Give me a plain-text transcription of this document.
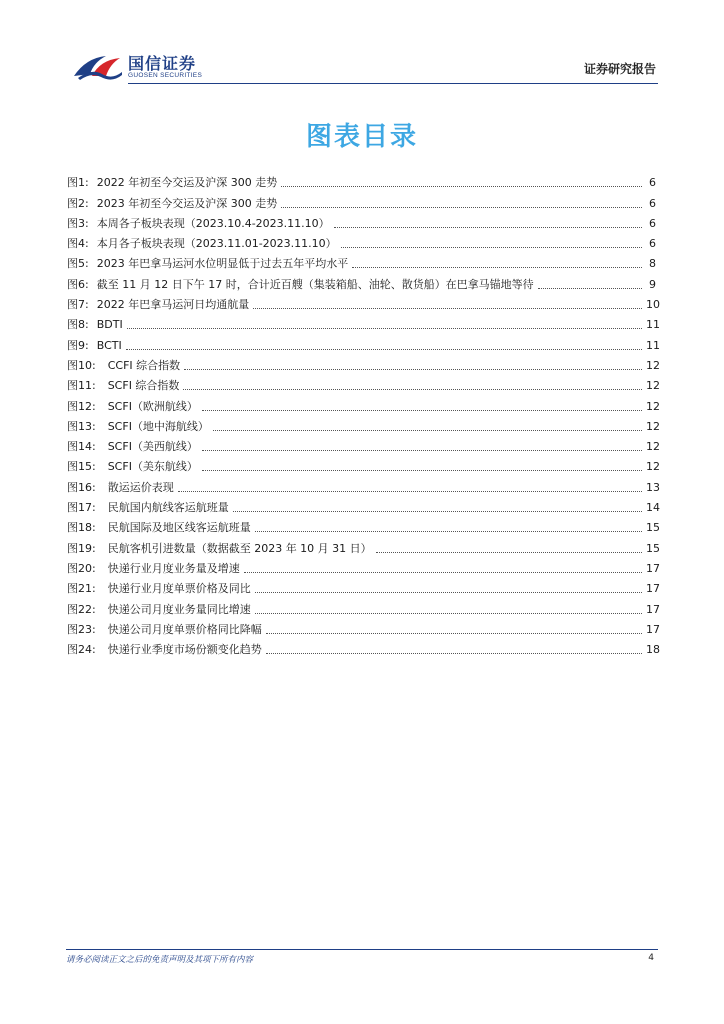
国信证券
GUOSEN SECURITIES	证券研究报告
图表目录
图1: 2022 年初至今交运及沪深 300 走势	6
图2: 2023 年初至今交运及沪深 300 走势	6
图3: 本周各子板块表现（2023.10.4-2023.11.10）	6
图4: 本月各子板块表现（2023.11.01-2023.11.10）	6
图5: 2023 年巴拿马运河水位明显低于过去五年平均水平	8
图6: 截至 11 月 12 日下午 17 时，合计近百艘（集装箱船、油轮、散货船）在巴拿马锚地等待	9
图7: 2022 年巴拿马运河日均通航量	10
图8: BDTI	11
图9: BCTI	11
图10: CCFI 综合指数	12
图11: SCFI 综合指数	12
图12: SCFI（欧洲航线）	12
图13: SCFI（地中海航线）	12
图14: SCFI（美西航线）	12
图15: SCFI（美东航线）	12
图16: 散运运价表现	13
图17: 民航国内航线客运航班量	14
图18: 民航国际及地区线客运航班量	15
图19: 民航客机引进数量（数据截至 2023 年 10 月 31 日）	15
图20: 快递行业月度业务量及增速	17
图21: 快递行业月度单票价格及同比	17
图22: 快递公司月度业务量同比增速	17
图23: 快递公司月度单票价格同比降幅	17
图24: 快递行业季度市场份额变化趋势	18
请务必阅读正文之后的免责声明及其项下所有内容	4
